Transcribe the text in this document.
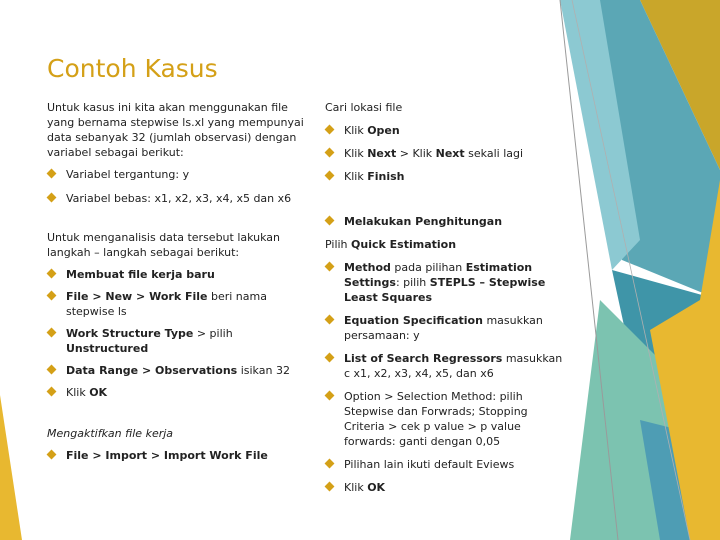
Contoh Kasus

Untuk kasus ini kita akan menggunakan file yang bernama stepwise ls.xl yang mempunyai data sebanyak 32 (jumlah observasi) dengan variabel sebagai berikut:

Variabel tergantung: y
Variabel bebas: x1, x2, x3, x4, x5 dan x6

Untuk menganalisis data tersebut lakukan langkah – langkah sebagai berikut:

Membuat file kerja baru
File > New > Work File beri nama stepwise ls
Work Structure Type > pilih Unstructured
Data Range > Observations isikan 32
Klik OK

Mengaktifkan file kerja

File > Import > Import Work File

Cari lokasi file

Klik Open
Klik Next > Klik Next sekali lagi
Klik Finish
Melakukan Penghitungan

Pilih Quick Estimation

Method pada pilihan Estimation Settings: pilih STEPLS – Stepwise Least Squares
Equation Specification masukkan persamaan: y
List of Search Regressors masukkan c x1, x2, x3, x4, x5, dan x6
Option > Selection Method: pilih Stepwise dan Forwrads; Stopping Criteria > cek p value > p value forwards: ganti dengan 0,05
Pilihan lain ikuti default Eviews
Klik OK
